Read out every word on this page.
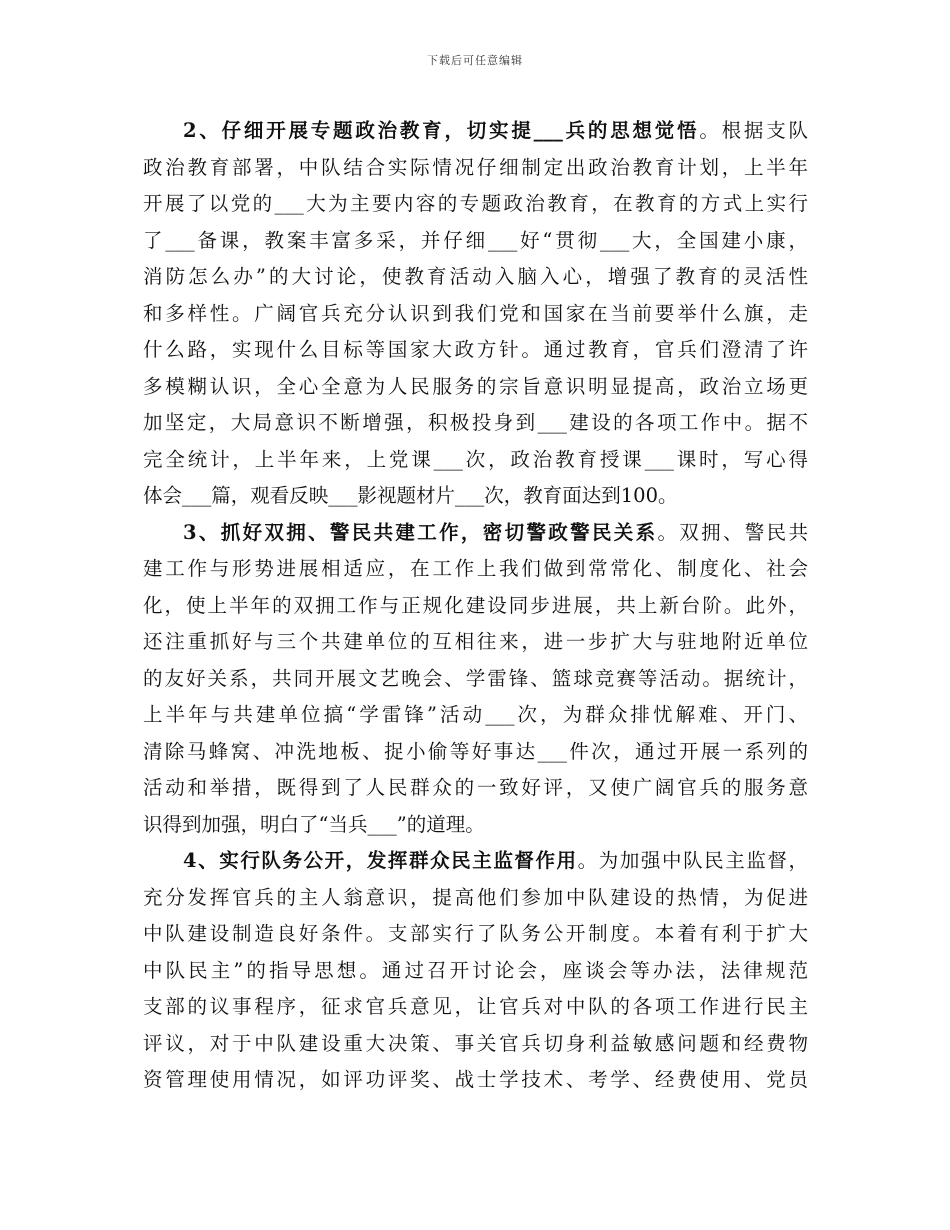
下载后可任意编辑
2、仔细开展专题政治教育，切实提___兵的思想觉悟。根据支队
政治教育部署，中队结合实际情况仔细制定出政治教育计划，上半年
开展了以党的___大为主要内容的专题政治教育，在教育的方式上实行
了___备课，教案丰富多采，并仔细___好“贯彻___大，全国建小康，
消防怎么办”的大讨论，使教育活动入脑入心，增强了教育的灵活性
和多样性。广阔官兵充分认识到我们党和国家在当前要举什么旗，走
什么路，实现什么目标等国家大政方针。通过教育，官兵们澄清了许
多模糊认识，全心全意为人民服务的宗旨意识明显提高，政治立场更
加坚定，大局意识不断增强，积极投身到___建设的各项工作中。据不
完全统计，上半年来，上党课___次，政治教育授课___课时，写心得
体会___篇，观看反映___影视题材片___次，教育面达到100。
3、抓好双拥、警民共建工作，密切警政警民关系。双拥、警民共
建工作与形势进展相适应，在工作上我们做到常常化、制度化、社会
化，使上半年的双拥工作与正规化建设同步进展，共上新台阶。此外，
还注重抓好与三个共建单位的互相往来，进一步扩大与驻地附近单位
的友好关系，共同开展文艺晚会、学雷锋、篮球竞赛等活动。据统计，
上半年与共建单位搞“学雷锋”活动___次，为群众排忧解难、开门、
清除马蜂窝、冲洗地板、捉小偷等好事达___件次，通过开展一系列的
活动和举措，既得到了人民群众的一致好评，又使广阔官兵的服务意
识得到加强，明白了“当兵___”的道理。
4、实行队务公开，发挥群众民主监督作用。为加强中队民主监督，
充分发挥官兵的主人翁意识，提高他们参加中队建设的热情，为促进
中队建设制造良好条件。支部实行了队务公开制度。本着有利于扩大
中队民主”的指导思想。通过召开讨论会，座谈会等办法，法律规范
支部的议事程序，征求官兵意见，让官兵对中队的各项工作进行民主
评议，对于中队建设重大决策、事关官兵切身利益敏感问题和经费物
资管理使用情况，如评功评奖、战士学技术、考学、经费使用、党员
